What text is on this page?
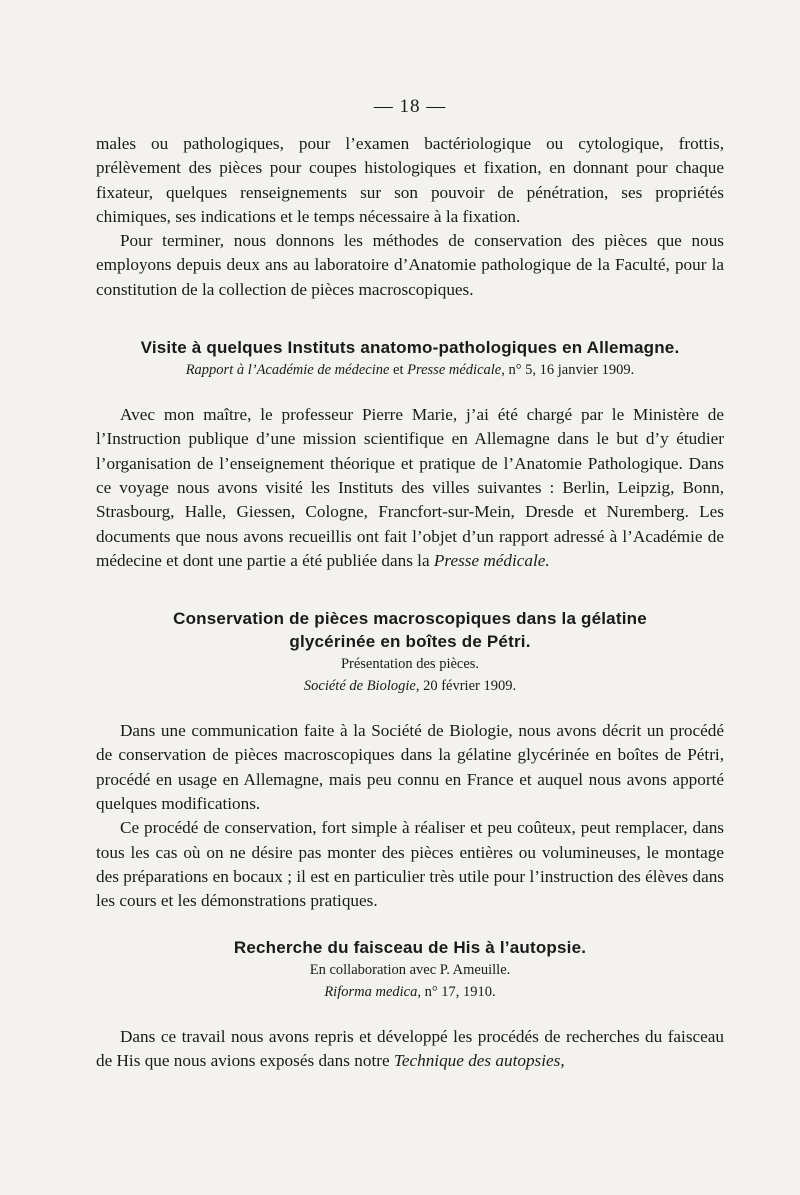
— 18 —

males ou pathologiques, pour l’examen bactériologique ou cytologique, frottis, prélèvement des pièces pour coupes histologiques et fixation, en donnant pour chaque fixateur, quelques renseignements sur son pouvoir de pénétration, ses propriétés chimiques, ses indications et le temps nécessaire à la fixation.

Pour terminer, nous donnons les méthodes de conservation des pièces que nous employons depuis deux ans au laboratoire d’Anatomie pathologique de la Faculté, pour la constitution de la collection de pièces macroscopiques.

Visite à quelques Instituts anatomo-pathologiques en Allemagne.
Rapport à l’Académie de médecine et Presse médicale, n° 5, 16 janvier 1909.

Avec mon maître, le professeur Pierre Marie, j’ai été chargé par le Ministère de l’Instruction publique d’une mission scientifique en Allemagne dans le but d’y étudier l’organisation de l’enseignement théorique et pratique de l’Anatomie Pathologique. Dans ce voyage nous avons visité les Instituts des villes suivantes : Berlin, Leipzig, Bonn, Strasbourg, Halle, Giessen, Cologne, Francfort-sur-Mein, Dresde et Nuremberg. Les documents que nous avons recueillis ont fait l’objet d’un rapport adressé à l’Académie de médecine et dont une partie a été publiée dans la Presse médicale.

Conservation de pièces macroscopiques dans la gélatine
glycérinée en boîtes de Pétri.
Présentation des pièces.
Société de Biologie, 20 février 1909.

Dans une communication faite à la Société de Biologie, nous avons décrit un procédé de conservation de pièces macroscopiques dans la gélatine glycérinée en boîtes de Pétri, procédé en usage en Allemagne, mais peu connu en France et auquel nous avons apporté quelques modifications.

Ce procédé de conservation, fort simple à réaliser et peu coûteux, peut remplacer, dans tous les cas où on ne désire pas monter des pièces entières ou volumineuses, le montage des préparations en bocaux ; il est en particulier très utile pour l’instruction des élèves dans les cours et les démonstrations pratiques.

Recherche du faisceau de His à l’autopsie.
En collaboration avec P. Ameuille.
Riforma medica, n° 17, 1910.

Dans ce travail nous avons repris et développé les procédés de recherches du faisceau de His que nous avions exposés dans notre Technique des autopsies,
